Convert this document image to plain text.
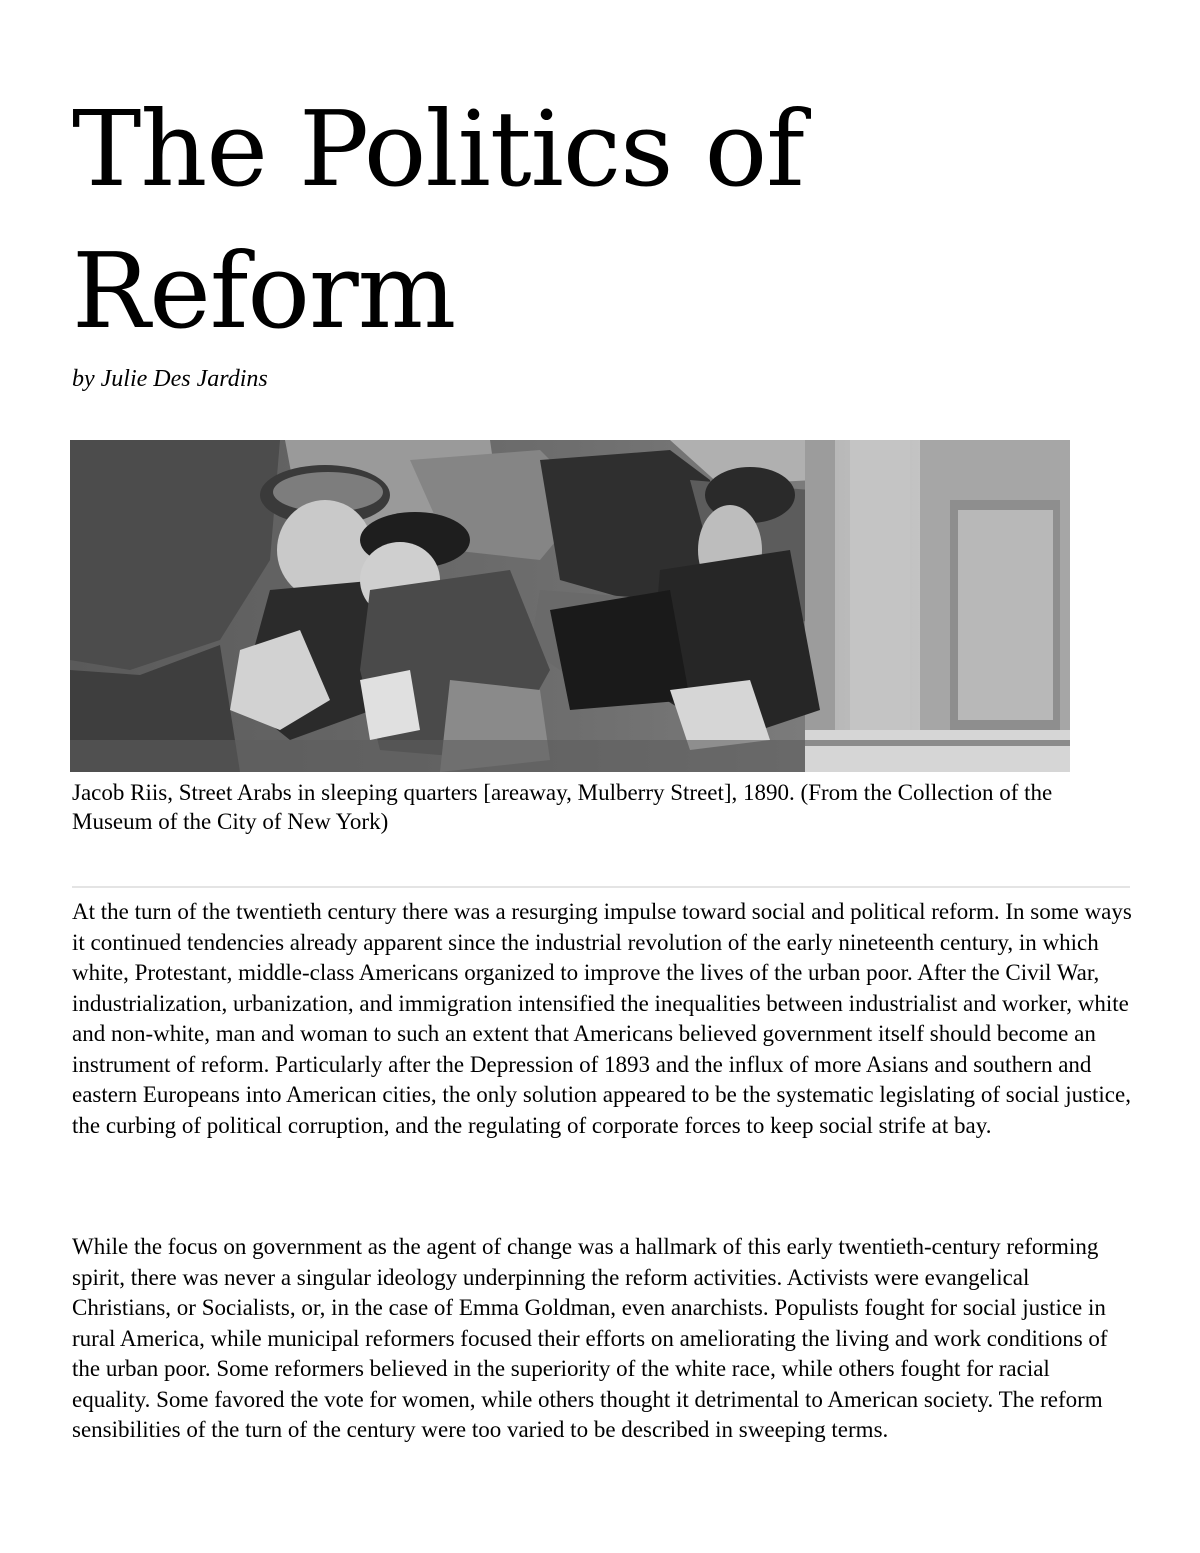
The Politics of Reform
by Julie Des Jardins
Jacob Riis, Street Arabs in sleeping quarters [areaway, Mulberry Street], 1890. (From the Collection of the Museum of the City of New York)

At the turn of the twentieth century there was a resurging impulse toward social and political reform. In some ways it continued tendencies already apparent since the industrial revolution of the early nineteenth century, in which white, Protestant, middle-class Americans organized to improve the lives of the urban poor. After the Civil War, industrialization, urbanization, and immigration intensified the inequalities between industrialist and worker, white and non-white, man and woman to such an extent that Americans believed government itself should become an instrument of reform. Particularly after the Depression of 1893 and the influx of more Asians and southern and eastern Europeans into American cities, the only solution appeared to be the systematic legislating of social justice, the curbing of political corruption, and the regulating of corporate forces to keep social strife at bay.

While the focus on government as the agent of change was a hallmark of this early twentieth-century reforming spirit, there was never a singular ideology underpinning the reform activities. Activists were evangelical Christians, or Socialists, or, in the case of Emma Goldman, even anarchists. Populists fought for social justice in rural America, while municipal reformers focused their efforts on ameliorating the living and work conditions of the urban poor. Some reformers believed in the superiority of the white race, while others fought for racial equality. Some favored the vote for women, while others thought it detrimental to American society. The reform sensibilities of the turn of the century were too varied to be described in sweeping terms.
